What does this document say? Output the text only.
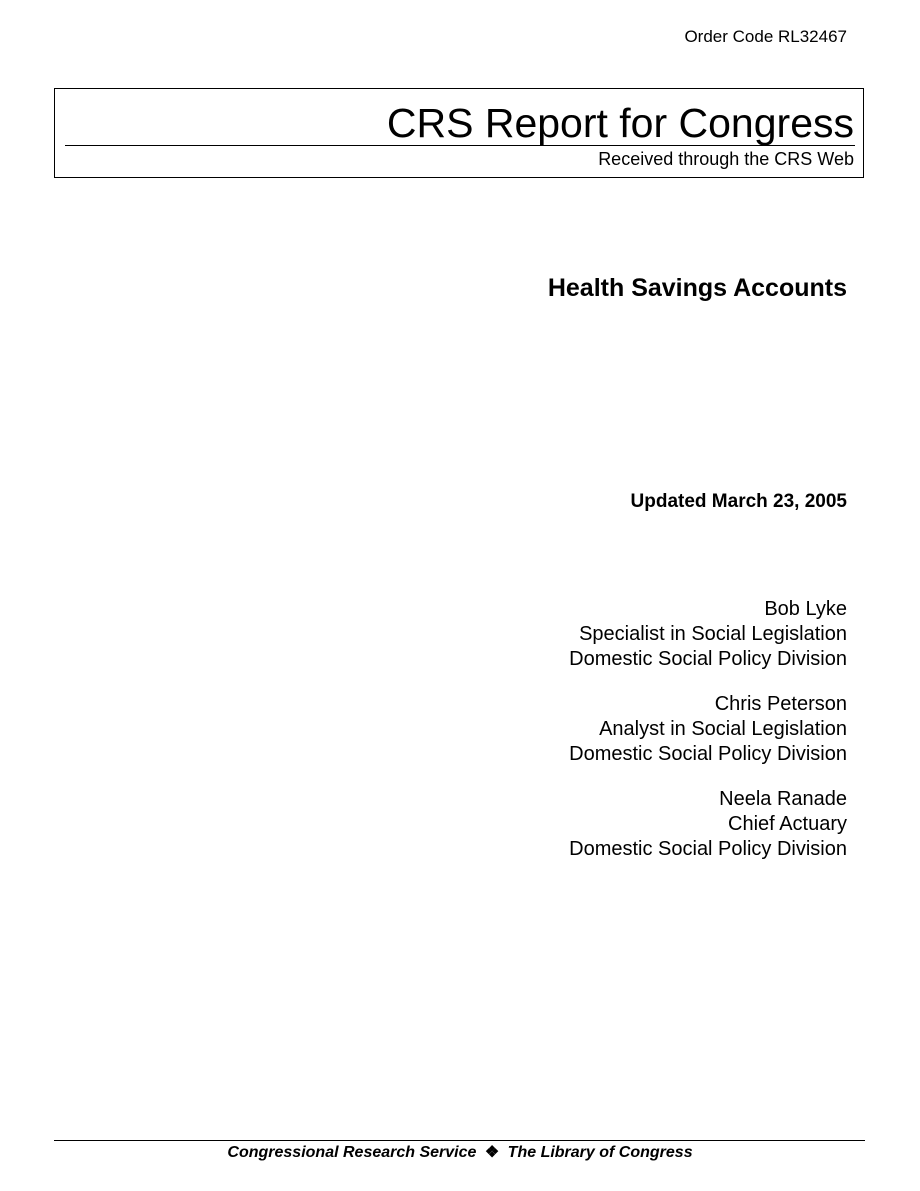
Order Code RL32467
CRS Report for Congress
Received through the CRS Web
Health Savings Accounts
Updated March 23, 2005
Bob Lyke
Specialist in Social Legislation
Domestic Social Policy Division
Chris Peterson
Analyst in Social Legislation
Domestic Social Policy Division
Neela Ranade
Chief Actuary
Domestic Social Policy Division
Congressional Research Service ❖ The Library of Congress
